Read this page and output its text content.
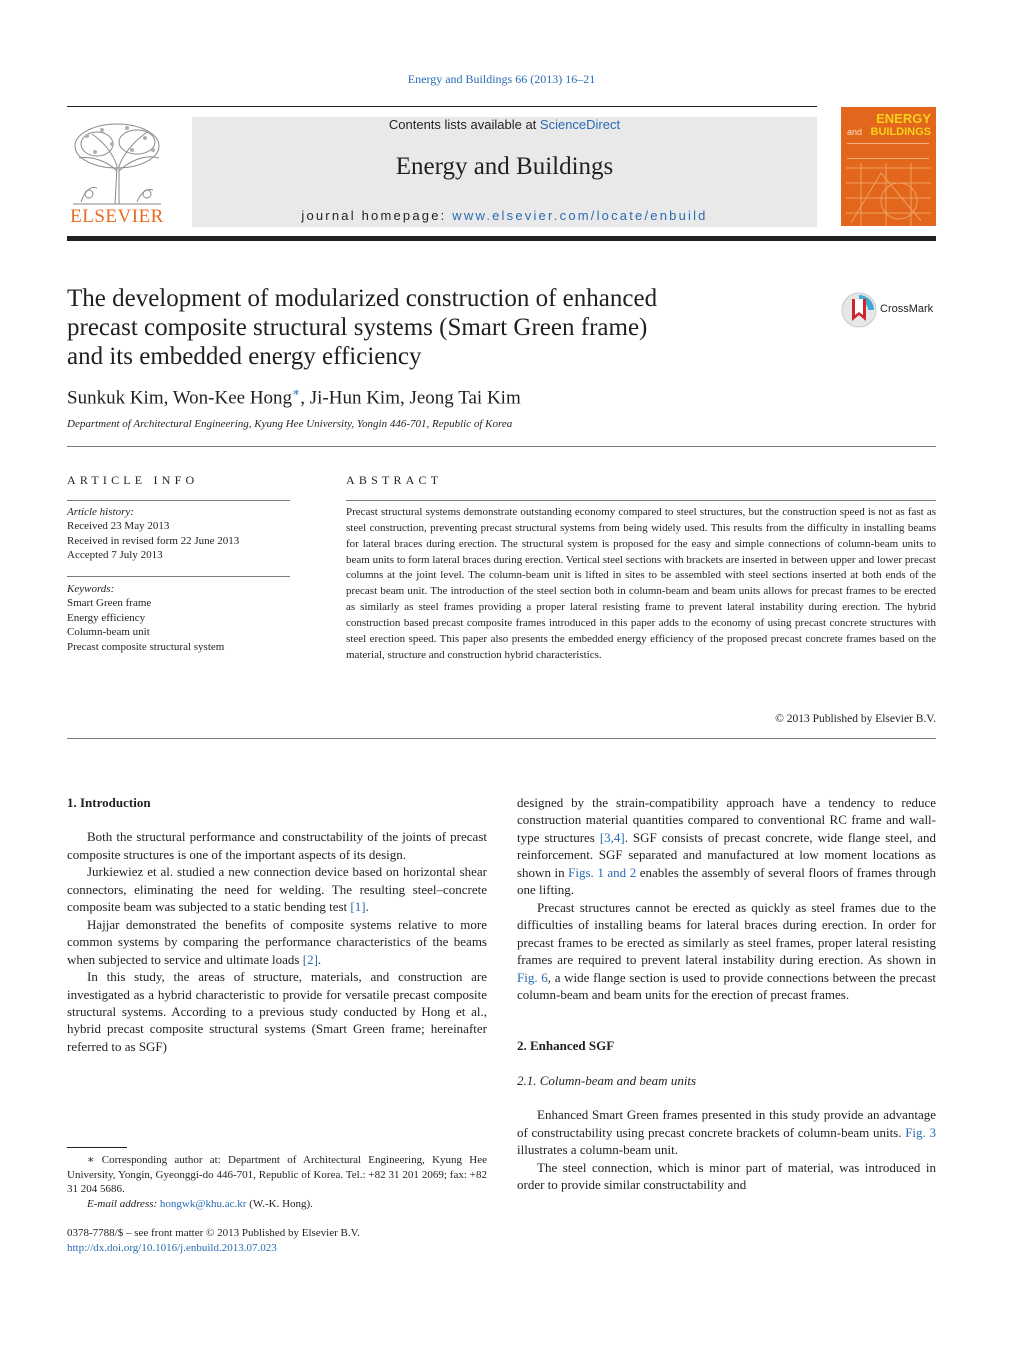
Energy and Buildings 66 (2013) 16–21
ELSEVIER
Contents lists available at ScienceDirect
Energy and Buildings
journal homepage: www.elsevier.com/locate/enbuild
ENERGY
and BUILDINGS
The development of modularized construction of enhanced
precast composite structural systems (Smart Green frame)
and its embedded energy efficiency
CrossMark
Sunkuk Kim, Won-Kee Hong∗, Ji-Hun Kim, Jeong Tai Kim
Department of Architectural Engineering, Kyung Hee University, Yongin 446-701, Republic of Korea
ARTICLE INFO	ABSTRACT
Article history:
Received 23 May 2013
Received in revised form 22 June 2013
Accepted 7 July 2013
Keywords:
Smart Green frame
Energy efficiency
Column-beam unit
Precast composite structural system
Precast structural systems demonstrate outstanding economy compared to steel structures, but the construction speed is not as fast as steel construction, preventing precast structural systems from being widely used. This results from the difficulty in installing beams for lateral braces during erection. The structural system is proposed for the easy and simple connections of column-beam units to beam units to form lateral braces during erection. Vertical steel sections with brackets are inserted in between upper and lower precast columns at the joint level. The column-beam unit is lifted in sites to be assembled with steel sections inserted at both ends of the precast beam unit. The introduction of the steel section both in column-beam and beam units allows for precast frames to be erected as similarly as steel frames providing a proper lateral resisting frame to prevent lateral instability during erection. The hybrid construction based precast composite frames introduced in this paper adds to the economy of using precast concrete structures with steel erection speed. This paper also presents the embedded energy efficiency of the proposed precast concrete frames based on the material, structure and construction hybrid characteristics.
© 2013 Published by Elsevier B.V.
1. Introduction

Both the structural performance and constructability of the joints of precast composite structures is one of the important aspects of its design.

Jurkiewiez et al. studied a new connection device based on horizontal shear connectors, eliminating the need for welding. The resulting steel–concrete composite beam was subjected to a static bending test [1].

Hajjar demonstrated the benefits of composite systems relative to more common systems by comparing the performance characteristics of the beams when subjected to service and ultimate loads [2].

In this study, the areas of structure, materials, and construction are investigated as a hybrid characteristic to provide for versatile precast composite structural systems. According to a previous study conducted by Hong et al., hybrid precast composite structural systems (Smart Green frame; hereinafter referred to as SGF)

∗ Corresponding author at: Department of Architectural Engineering, Kyung Hee University, Yongin, Gyeonggi-do 446-701, Republic of Korea. Tel.: +82 31 201 2069; fax: +82 31 204 5686.
E-mail address: hongwk@khu.ac.kr (W.-K. Hong).
0378-7788/$ – see front matter © 2013 Published by Elsevier B.V.
http://dx.doi.org/10.1016/j.enbuild.2013.07.023

designed by the strain-compatibility approach have a tendency to reduce construction material quantities compared to conventional RC frame and wall-type structures [3,4]. SGF consists of precast concrete, wide flange steel, and reinforcement. SGF separated and manufactured at low moment locations as shown in Figs. 1 and 2 enables the assembly of several floors of frames through one lifting.

Precast structures cannot be erected as quickly as steel frames due to the difficulties of installing beams for lateral braces during erection. In order for precast frames to be erected as similarly as steel frames, proper lateral resisting frames are required to prevent lateral instability during erection. As shown in Fig. 6, a wide flange section is used to provide connections between the precast column-beam and beam units for the erection of precast frames.

2. Enhanced SGF
2.1. Column-beam and beam units

Enhanced Smart Green frames presented in this study provide an advantage of constructability using precast concrete brackets of column-beam units. Fig. 3 illustrates a column-beam unit.

The steel connection, which is minor part of material, was introduced in order to provide similar constructability and
